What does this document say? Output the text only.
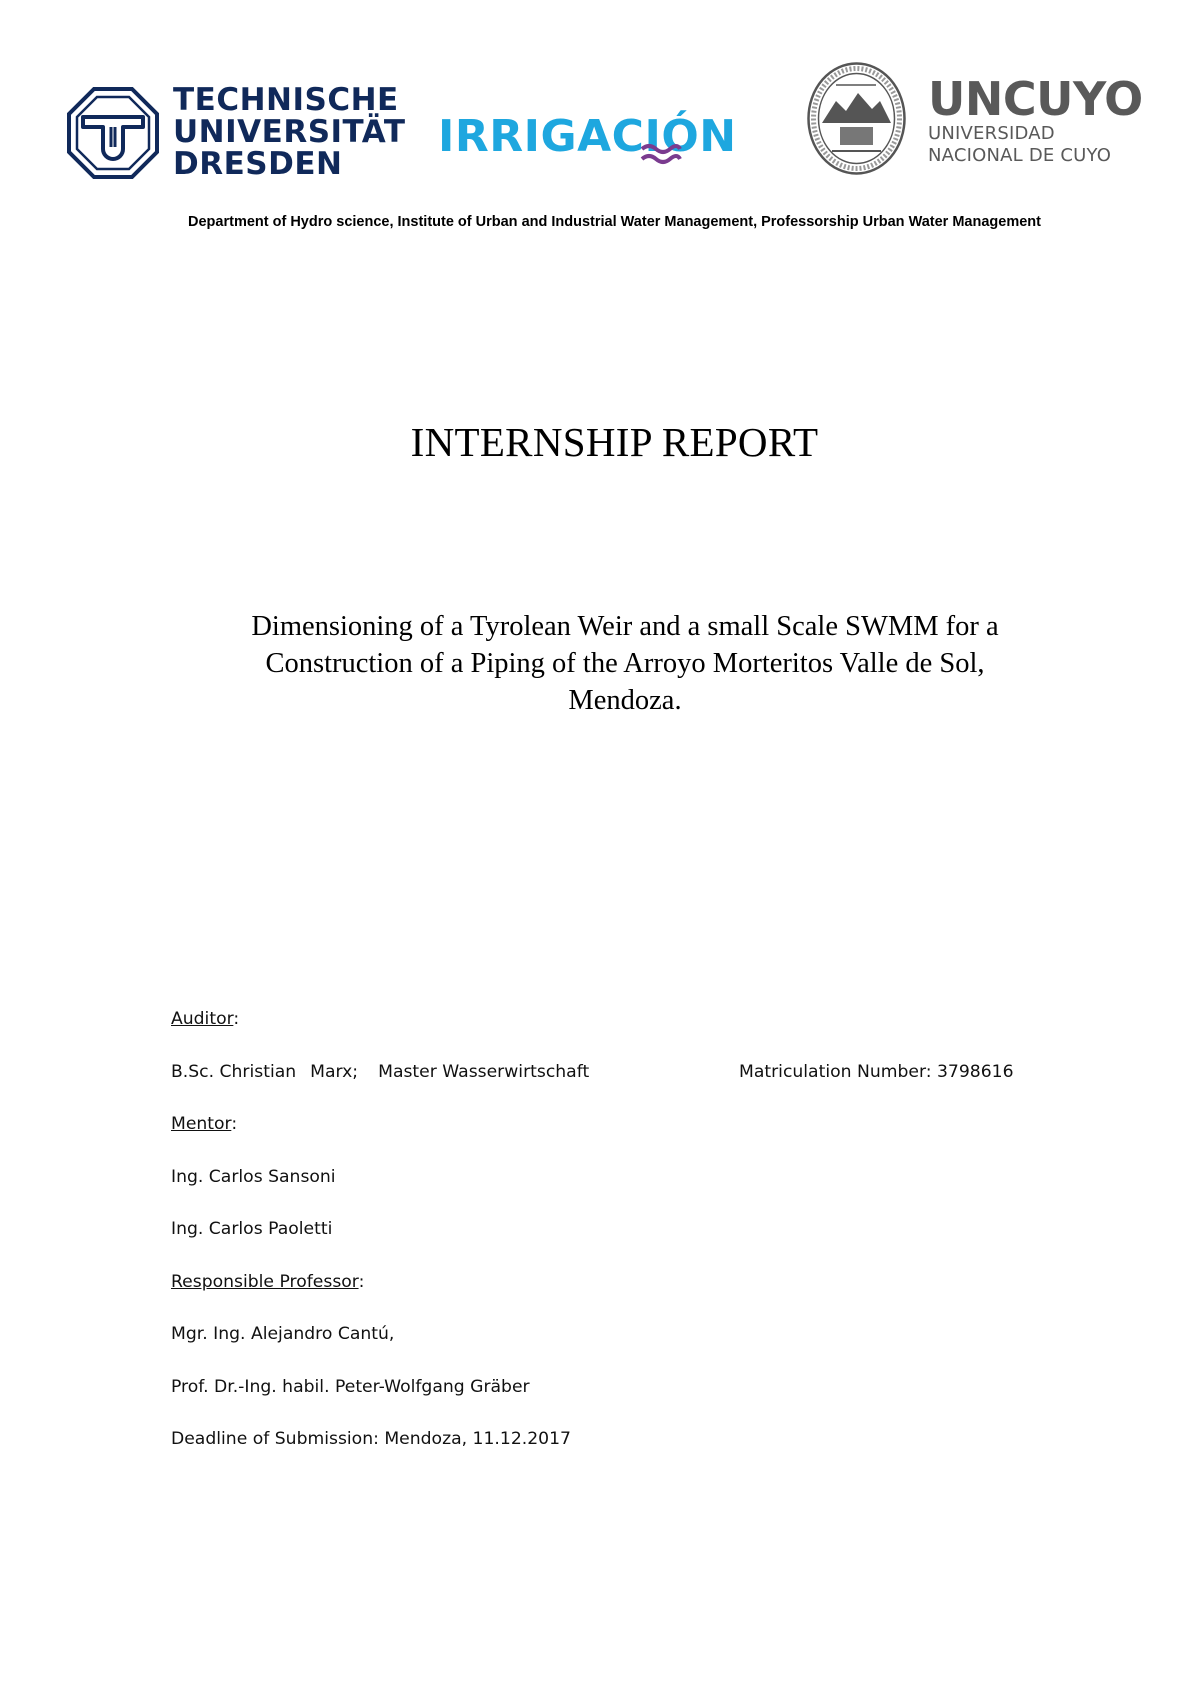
TECHNISCHE
UNIVERSITÄT
DRESDEN
IRRIGACIÓN
UNCUYO
UNIVERSIDAD
NACIONAL DE CUYO
Department of Hydro science, Institute of Urban and Industrial Water Management, Professorship Urban Water Management
INTERNSHIP REPORT
Dimensioning of a Tyrolean Weir and a small Scale SWMM for a
Construction of a Piping of the Arroyo Morteritos Valle de Sol,
Mendoza.
Auditor:
B.Sc. Christian Marx; Master Wasserwirtschaft	Matriculation Number: 3798616
Mentor:
Ing. Carlos Sansoni
Ing. Carlos Paoletti
Responsible Professor:
Mgr. Ing. Alejandro Cantú,
Prof. Dr.-Ing. habil. Peter-Wolfgang Gräber
Deadline of Submission: Mendoza, 11.12.2017
